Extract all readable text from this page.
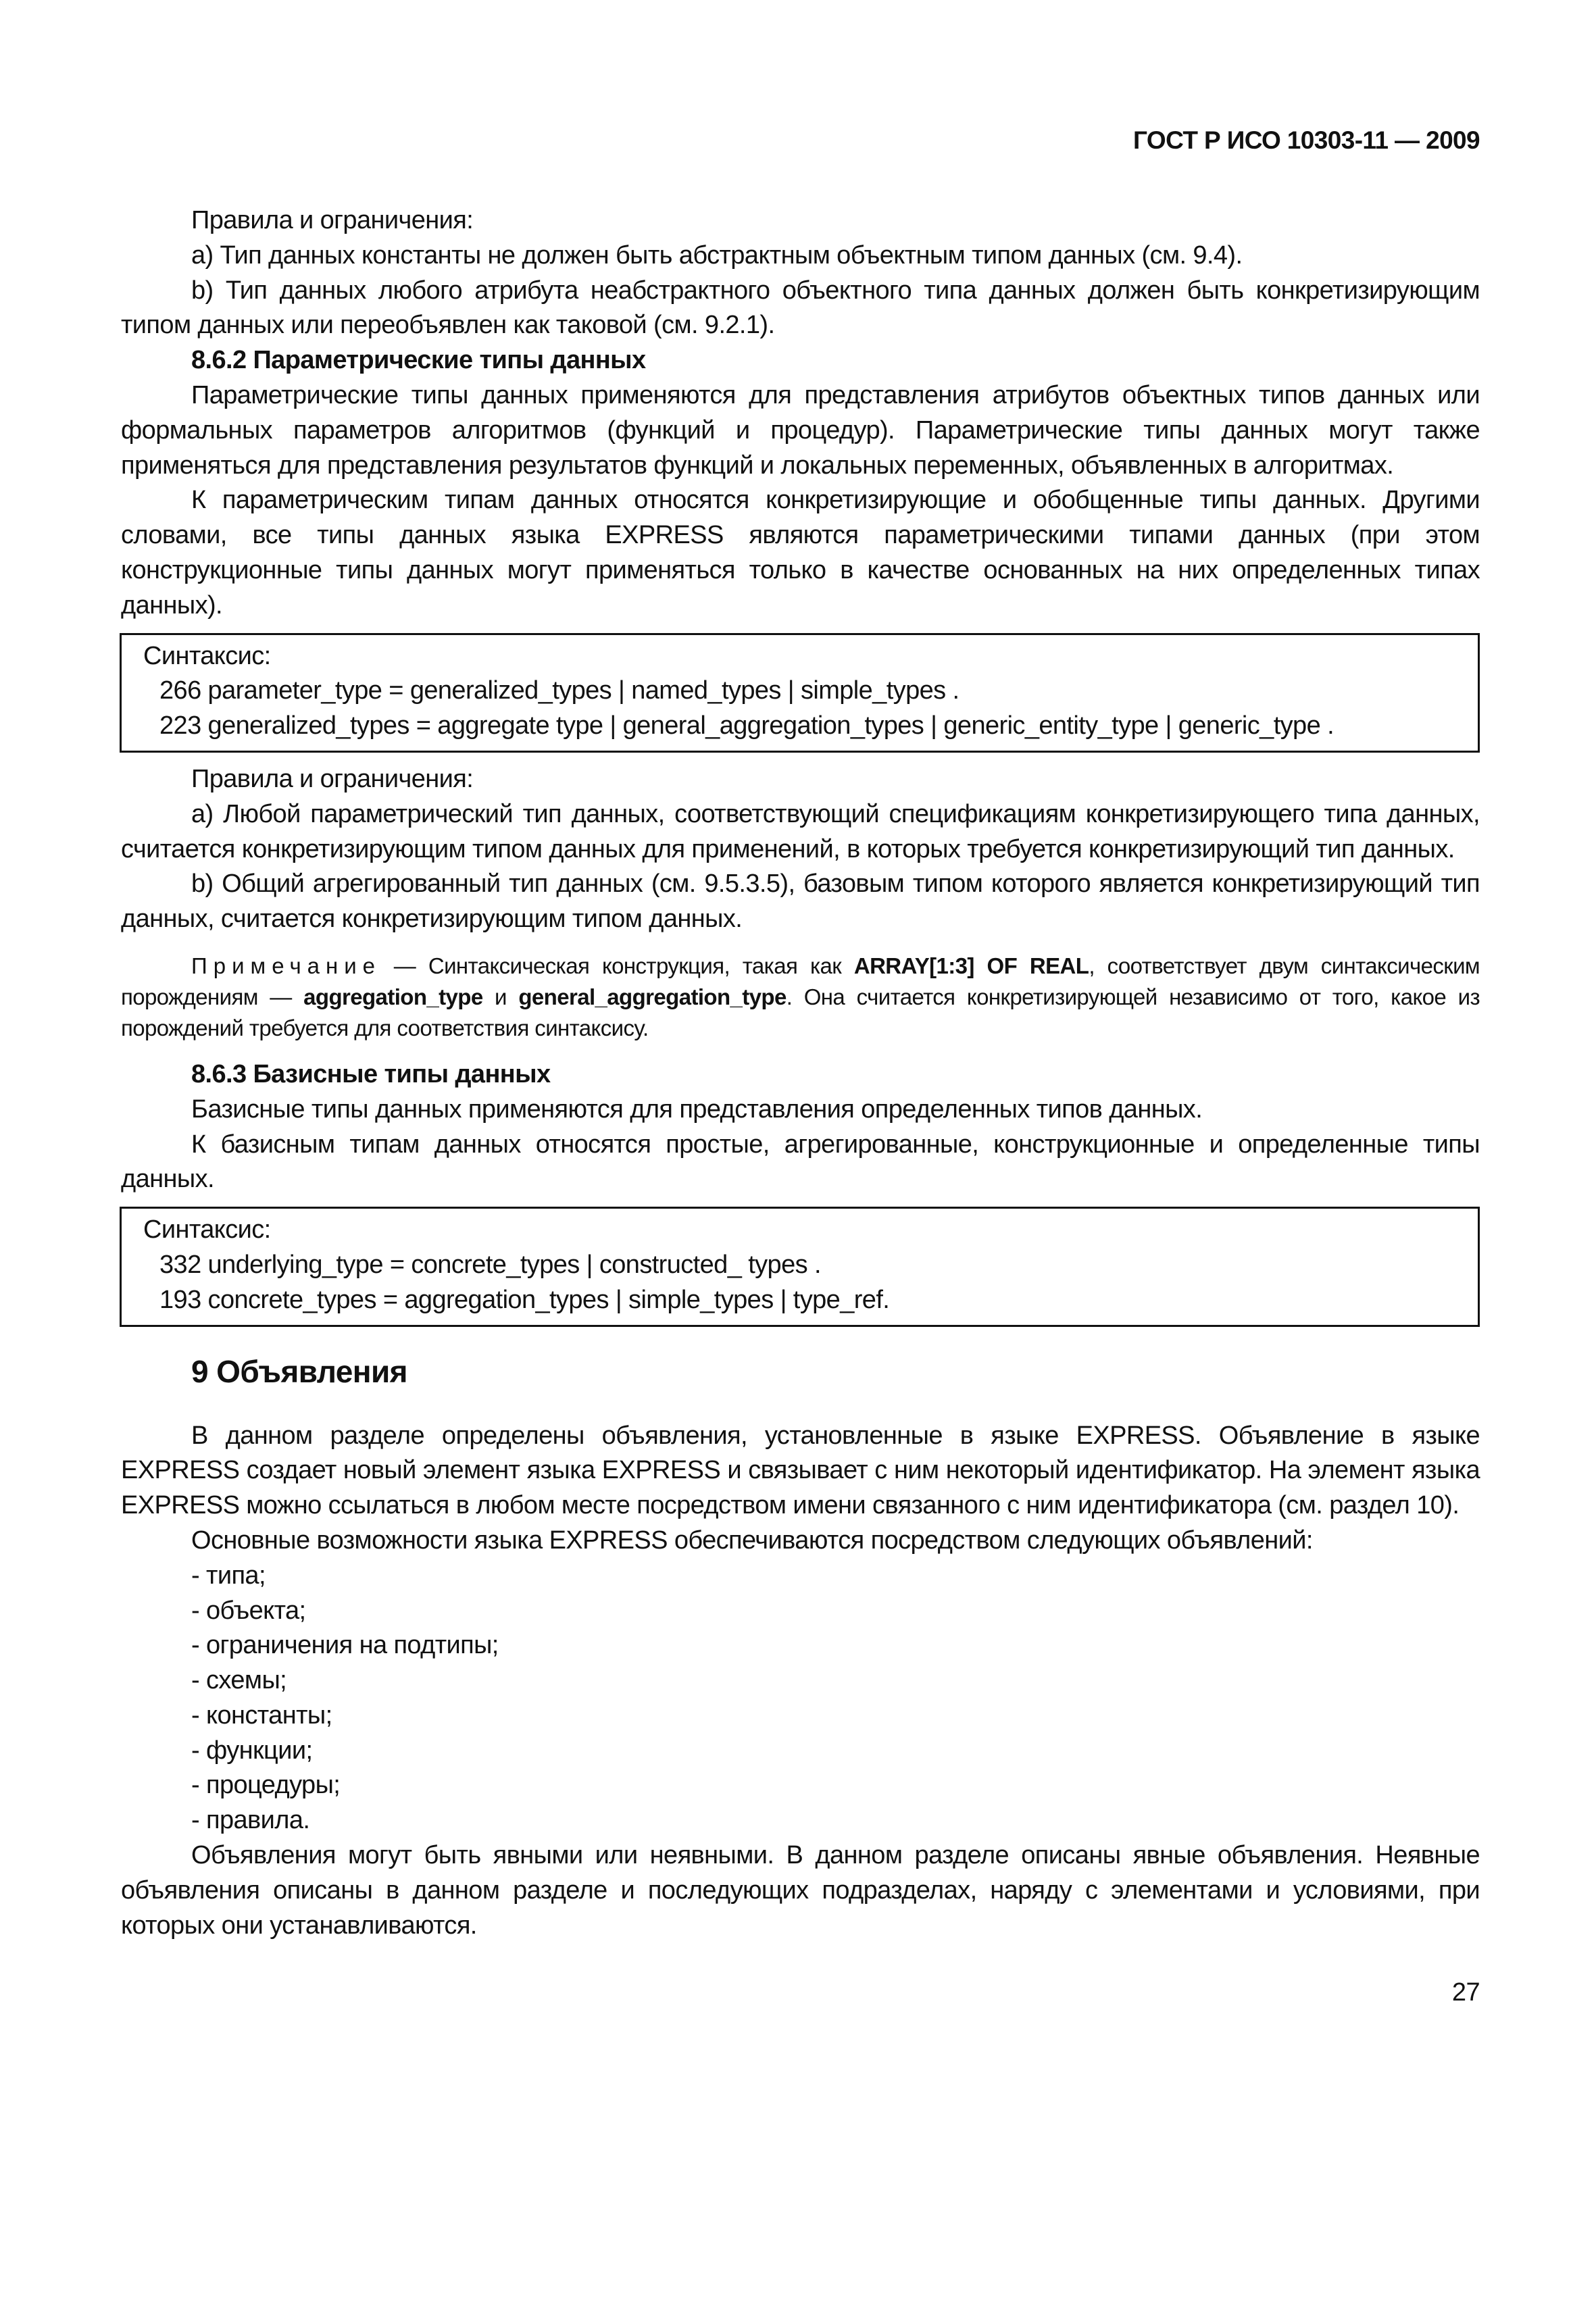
ГОСТ Р ИСО 10303-11 — 2009

Правила и ограничения:

a) Тип данных константы не должен быть абстрактным объектным типом данных (см. 9.4).

b) Тип данных любого атрибута неабстрактного объектного типа данных должен быть конкретизирующим типом данных или переобъявлен как таковой (см. 9.2.1).

8.6.2 Параметрические типы данных

Параметрические типы данных применяются для представления атрибутов объектных типов данных или формальных параметров алгоритмов (функций и процедур). Параметрические типы данных могут также применяться для представления результатов функций и локальных переменных, объявленных в алгоритмах.

К параметрическим типам данных относятся конкретизирующие и обобщенные типы данных. Другими словами, все типы данных языка EXPRESS являются параметрическими типами данных (при этом конструкционные типы данных могут применяться только в качестве основанных на них определенных типах данных).

Синтаксис:
266 parameter_type = generalized_types | named_types | simple_types .
223 generalized_types = aggregate type | general_aggregation_types | generic_entity_type | generic_type .

Правила и ограничения:

a) Любой параметрический тип данных, соответствующий спецификациям конкретизирующего типа данных, считается конкретизирующим типом данных для применений, в которых требуется конкретизирующий тип данных.

b) Общий агрегированный тип данных (см. 9.5.3.5), базовым типом которого является конкретизирующий тип данных, считается конкретизирующим типом данных.

Примечание — Синтаксическая конструкция, такая как ARRAY[1:3] OF REAL, соответствует двум синтаксическим порождениям — aggregation_type и general_aggregation_type. Она считается конкретизирующей независимо от того, какое из порождений требуется для соответствия синтаксису.

8.6.3 Базисные типы данных

Базисные типы данных применяются для представления определенных типов данных.

К базисным типам данных относятся простые, агрегированные, конструкционные и определенные типы данных.

Синтаксис:
332 underlying_type = concrete_types | constructed_ types .
193 concrete_types = aggregation_types | simple_types | type_ref.
9 Объявления

В данном разделе определены объявления, установленные в языке EXPRESS. Объявление в языке EXPRESS создает новый элемент языка EXPRESS и связывает с ним некоторый идентификатор. На элемент языка EXPRESS можно ссылаться в любом месте посредством имени связанного с ним идентификатора (см. раздел 10).

Основные возможности языка EXPRESS обеспечиваются посредством следующих объявлений:

- типа;
- объекта;
- ограничения на подтипы;
- схемы;
- константы;
- функции;
- процедуры;
- правила.

Объявления могут быть явными или неявными. В данном разделе описаны явные объявления. Неявные объявления описаны в данном разделе и последующих подразделах, наряду с элементами и условиями, при которых они устанавливаются.

27
